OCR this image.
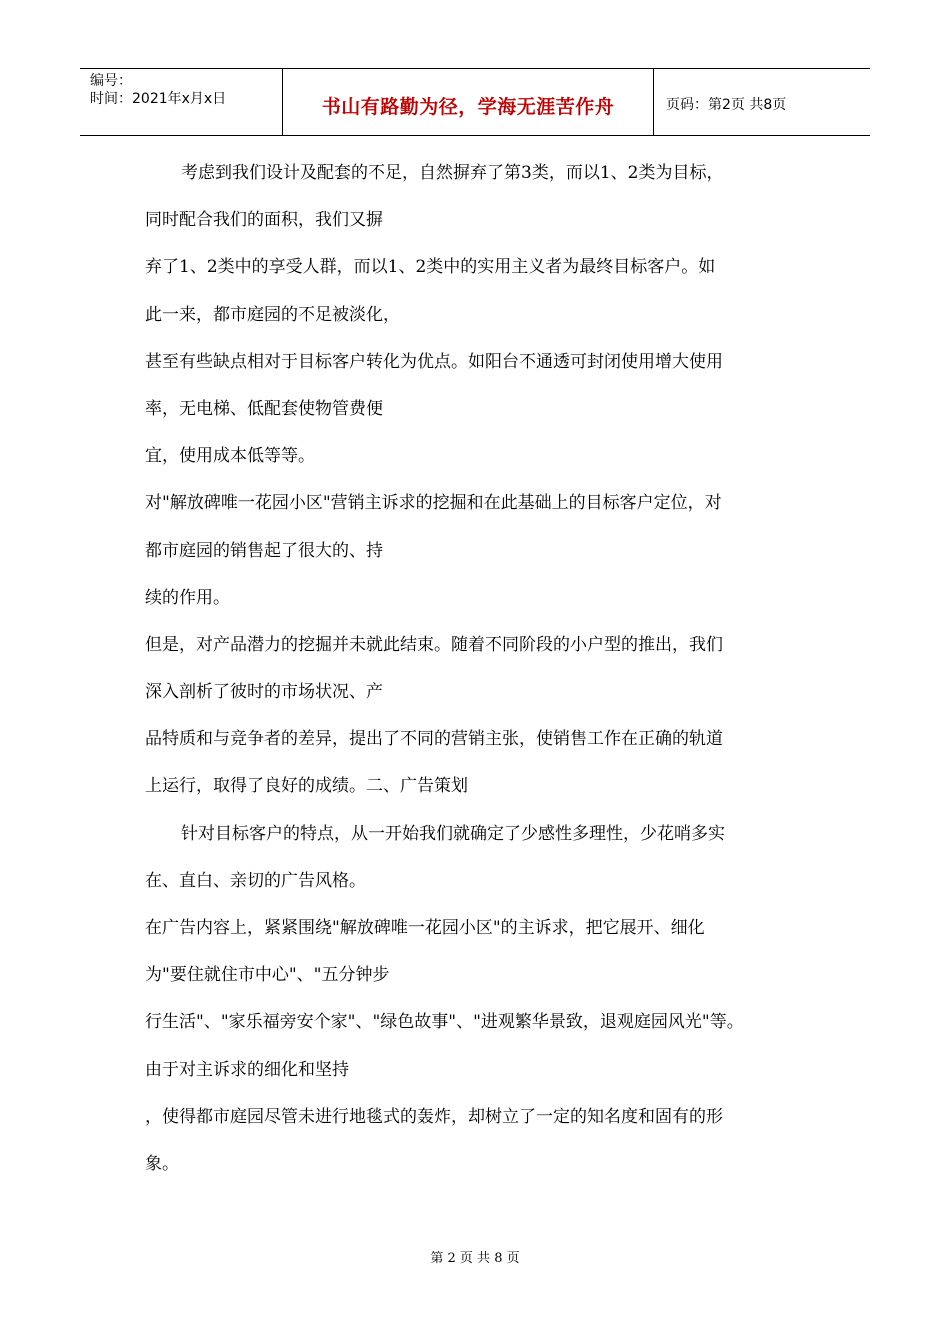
编号：
时间：2021年x月x日	书山有路勤为径，学海无涯苦作舟	页码：第2页 共8页
考虑到我们设计及配套的不足，自然摒弃了第3类，而以1、2类为目标，
同时配合我们的面积，我们又摒
弃了1、2类中的享受人群，而以1、2类中的实用主义者为最终目标客户。如
此一来，都市庭园的不足被淡化，
甚至有些缺点相对于目标客户转化为优点。如阳台不通透可封闭使用增大使用
率，无电梯、低配套使物管费便
宜，使用成本低等等。
对"解放碑唯一花园小区"营销主诉求的挖掘和在此基础上的目标客户定位，对
都市庭园的销售起了很大的、持
续的作用。
但是，对产品潜力的挖掘并未就此结束。随着不同阶段的小户型的推出，我们
深入剖析了彼时的市场状况、产
品特质和与竞争者的差异，提出了不同的营销主张，使销售工作在正确的轨道
上运行，取得了良好的成绩。二、广告策划
针对目标客户的特点，从一开始我们就确定了少感性多理性，少花哨多实
在、直白、亲切的广告风格。
在广告内容上，紧紧围绕"解放碑唯一花园小区"的主诉求，把它展开、细化
为"要住就住市中心"、"五分钟步
行生活"、"家乐福旁安个家"、"绿色故事"、"进观繁华景致，退观庭园风光"等。
由于对主诉求的细化和坚持
，使得都市庭园尽管未进行地毯式的轰炸，却树立了一定的知名度和固有的形
象。
第 2 页 共 8 页
